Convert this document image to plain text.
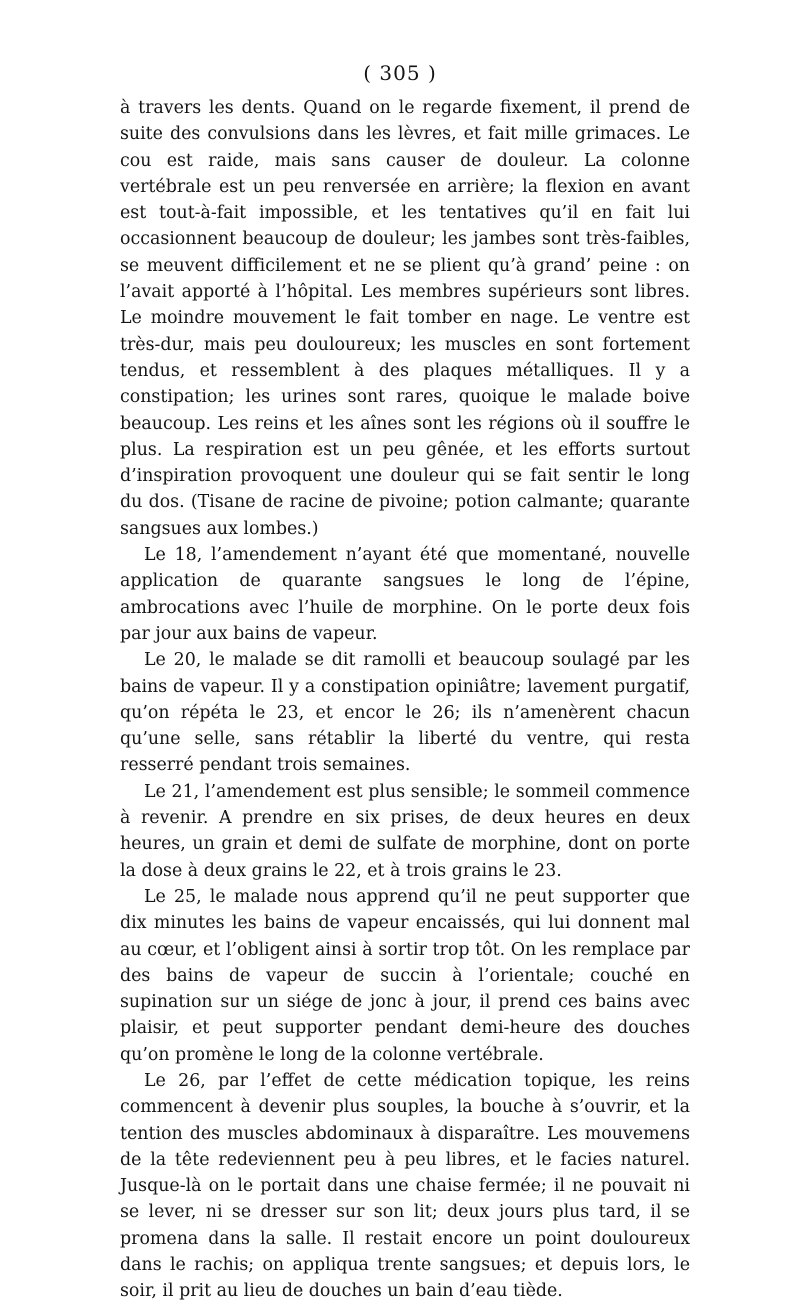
( 305 )

à travers les dents. Quand on le regarde fixement, il prend de suite des convulsions dans les lèvres, et fait mille grimaces. Le cou est raide, mais sans causer de douleur. La colonne vertébrale est un peu renversée en arrière; la flexion en avant est tout-à-fait impossible, et les tentatives qu’il en fait lui occasionnent beaucoup de douleur; les jambes sont très-faibles, se meuvent difficilement et ne se plient qu’à grand’ peine : on l’avait apporté à l’hôpital. Les membres supérieurs sont libres. Le moindre mouvement le fait tomber en nage. Le ventre est très-dur, mais peu douloureux; les muscles en sont fortement tendus, et ressemblent à des plaques métalliques. Il y a constipation; les urines sont rares, quoique le malade boive beaucoup. Les reins et les aînes sont les régions où il souffre le plus. La respiration est un peu gênée, et les efforts surtout d’inspiration provoquent une douleur qui se fait sentir le long du dos. (Tisane de racine de pivoine; potion calmante; quarante sangsues aux lombes.)

Le 18, l’amendement n’ayant été que momentané, nouvelle application de quarante sangsues le long de l’épine, ambrocations avec l’huile de morphine. On le porte deux fois par jour aux bains de vapeur.

Le 20, le malade se dit ramolli et beaucoup soulagé par les bains de vapeur. Il y a constipation opiniâtre; lavement purgatif, qu’on répéta le 23, et encor le 26; ils n’amenèrent chacun qu’une selle, sans rétablir la liberté du ventre, qui resta resserré pendant trois semaines.

Le 21, l’amendement est plus sensible; le sommeil commence à revenir. A prendre en six prises, de deux heures en deux heures, un grain et demi de sulfate de morphine, dont on porte la dose à deux grains le 22, et à trois grains le 23.

Le 25, le malade nous apprend qu’il ne peut supporter que dix minutes les bains de vapeur encaissés, qui lui donnent mal au cœur, et l’obligent ainsi à sortir trop tôt. On les remplace par des bains de vapeur de succin à l’orientale; couché en supination sur un siége de jonc à jour, il prend ces bains avec plaisir, et peut supporter pendant demi-heure des douches qu’on promène le long de la colonne vertébrale.

Le 26, par l’effet de cette médication topique, les reins commencent à devenir plus souples, la bouche à s’ouvrir, et la tention des muscles abdominaux à disparaître. Les mouvemens de la tête redeviennent peu à peu libres, et le facies naturel. Jusque-là on le portait dans une chaise fermée; il ne pouvait ni se lever, ni se dresser sur son lit; deux jours plus tard, il se promena dans la salle. Il restait encore un point douloureux dans le rachis; on appliqua trente sangsues; et depuis lors, le soir, il prit au lieu de douches un bain d’eau tiède.
